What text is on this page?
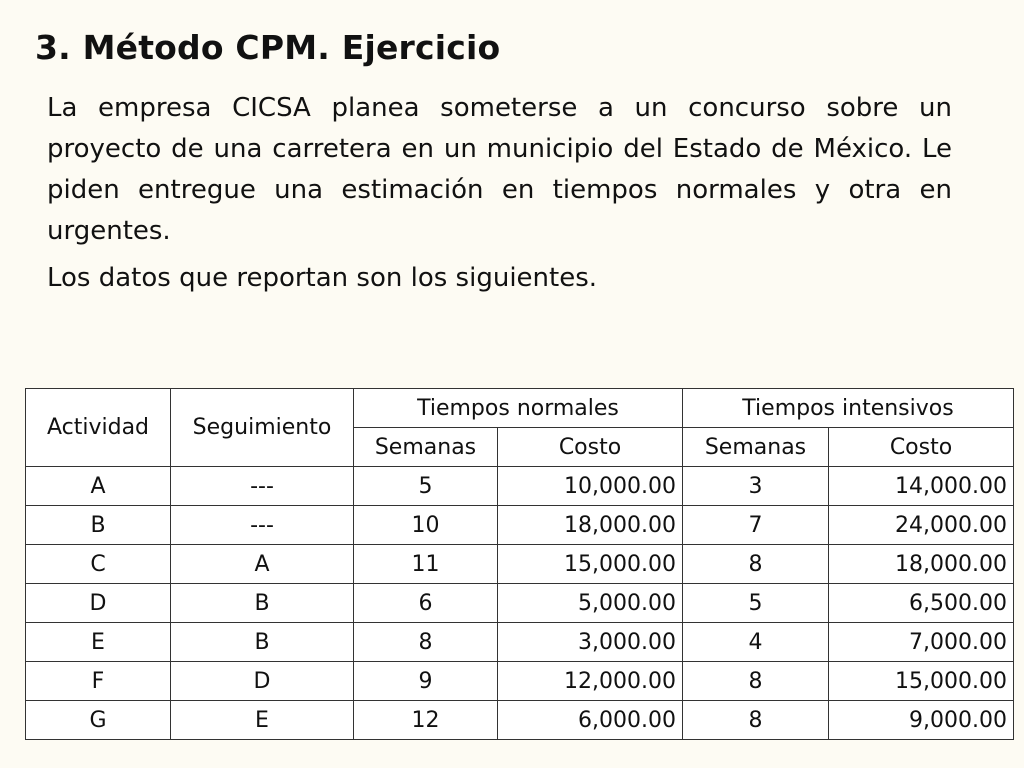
3. Método CPM. Ejercicio

La empresa CICSA planea someterse a un concurso sobre un proyecto de una carretera en un municipio del Estado de México. Le piden entregue una estimación en tiempos normales y otra en urgentes.

Los datos que reportan son los siguientes.

Actividad	Seguimiento	Tiempos normales		Tiempos intensivos	
		Semanas	Costo	Semanas	Costo
A	---	5	10,000.00	3	14,000.00
B	---	10	18,000.00	7	24,000.00
C	A	11	15,000.00	8	18,000.00
D	B	6	5,000.00	5	6,500.00
E	B	8	3,000.00	4	7,000.00
F	D	9	12,000.00	8	15,000.00
G	E	12	6,000.00	8	9,000.00
